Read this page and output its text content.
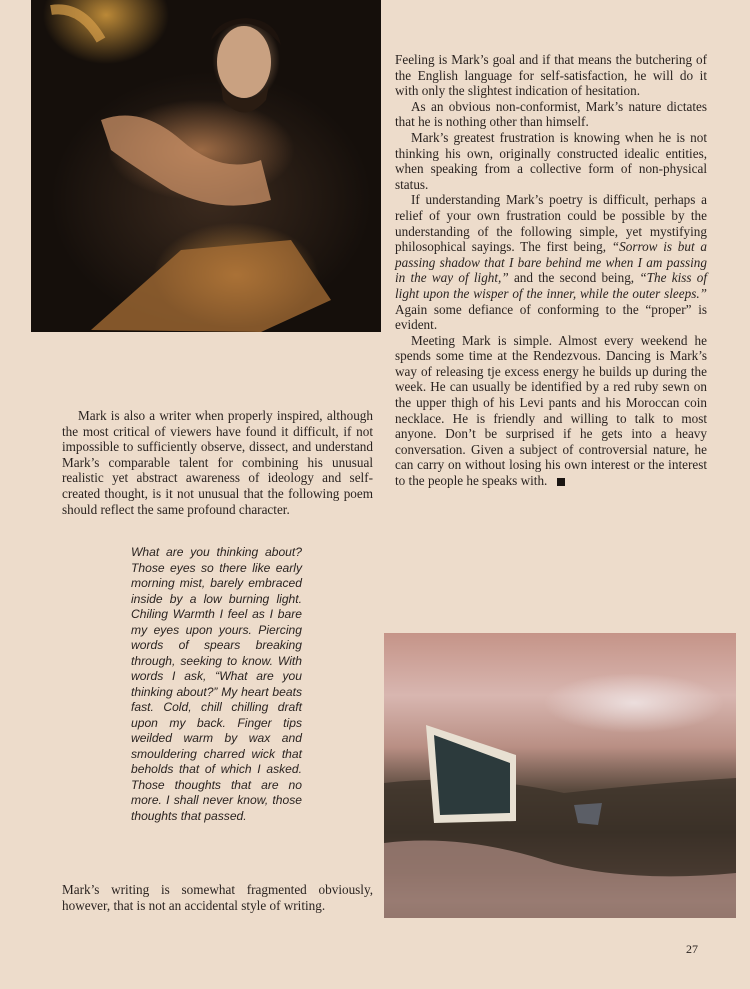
Feeling is Mark’s goal and if that means the butchering of the English language for self-satisfaction, he will do it with only the slightest indication of hesitation.

As an obvious non-conformist, Mark’s nature dictates that he is nothing other than himself.

Mark’s greatest frustration is knowing when he is not thinking his own, originally constructed idealic entities, when speaking from a collective form of non-physical status.

If understanding Mark’s poetry is difficult, perhaps a relief of your own frustration could be possible by the understanding of the following simple, yet mystifying philosophical sayings. The first being, “Sorrow is but a passing shadow that I bare behind me when I am passing in the way of light,” and the second being, “The kiss of light upon the wisper of the inner, while the outer sleeps.” Again some defiance of conforming to the “proper” is evident.

Meeting Mark is simple. Almost every weekend he spends some time at the Rendezvous. Dancing is Mark’s way of releasing tje excess energy he builds up during the week. He can usually be identified by a red ruby sewn on the upper thigh of his Levi pants and his Moroccan coin necklace. He is friendly and willing to talk to most anyone. Don’t be surprised if he gets into a heavy conversation. Given a subject of controversial nature, he can carry on without losing his own interest or the interest to the people he speaks with.

Mark is also a writer when properly inspired, although the most critical of viewers have found it difficult, if not impossible to sufficiently observe, dissect, and understand Mark’s comparable talent for combining his unusual realistic yet abstract awareness of ideology and self-created thought, is it not unusual that the following poem should reflect the same profound character.

What are you thinking about? Those eyes so there like early morning mist, barely embraced inside by a low burning light. Chiling Warmth I feel as I bare my eyes upon yours. Piercing words of spears breaking through, seeking to know. With words I ask, “What are you thinking about?” My heart beats fast. Cold, chill chilling draft upon my back. Finger tips weilded warm by wax and smouldering charred wick that beholds that of which I asked. Those thoughts that are no more. I shall never know, those thoughts that passed.

Mark’s writing is somewhat fragmented obviously, however, that is not an accidental style of writing.

27
